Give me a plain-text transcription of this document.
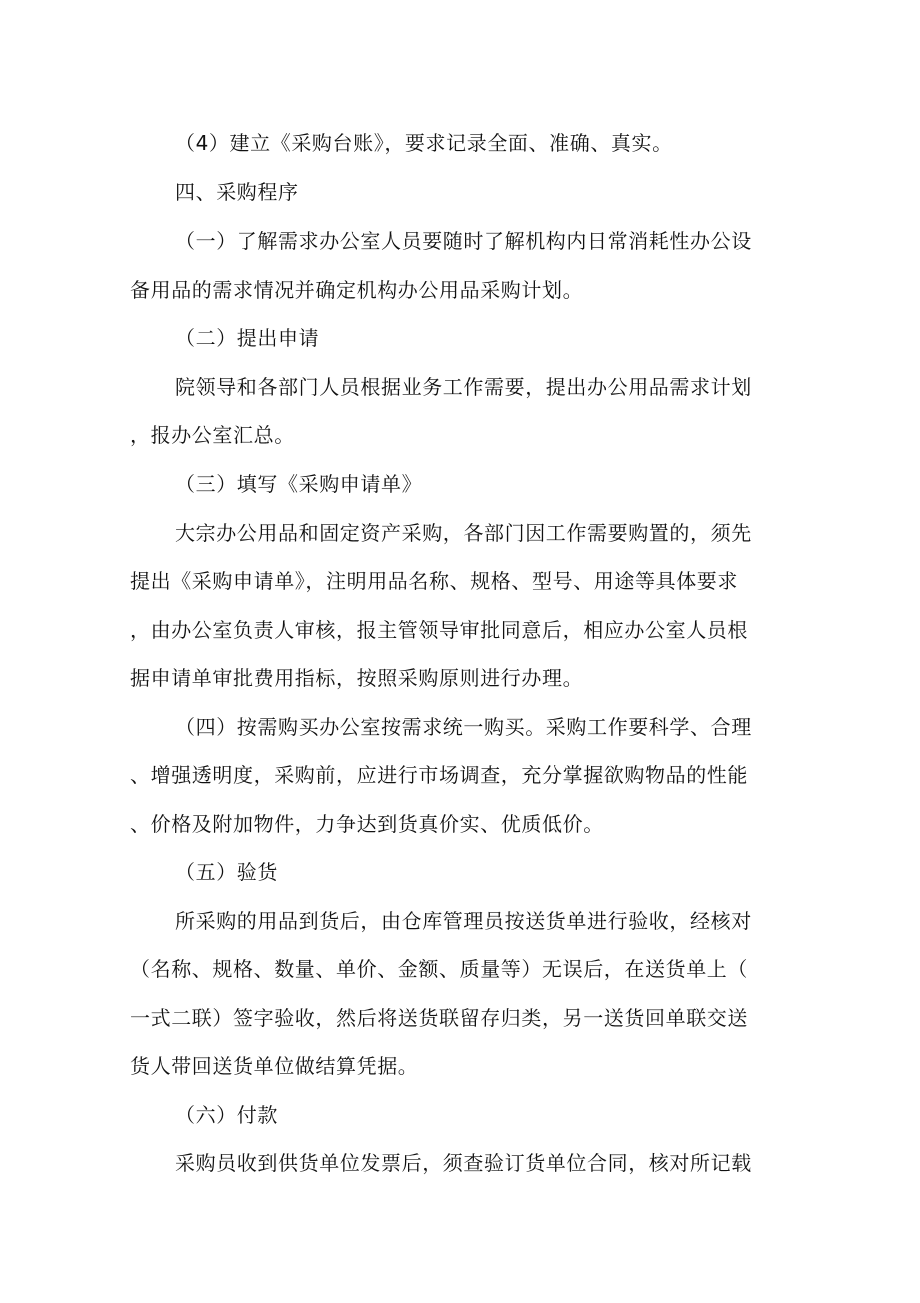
（4）建立《采购台账》，要求记录全面、准确、真实。
四、采购程序
（一）了解需求办公室人员要随时了解机构内日常消耗性办公设
备用品的需求情况并确定机构办公用品采购计划。
（二）提出申请
院领导和各部门人员根据业务工作需要，提出办公用品需求计划
，报办公室汇总。
（三）填写《采购申请单》
大宗办公用品和固定资产采购，各部门因工作需要购置的，须先
提出《采购申请单》，注明用品名称、规格、型号、用途等具体要求
，由办公室负责人审核，报主管领导审批同意后，相应办公室人员根
据申请单审批费用指标，按照采购原则进行办理。
（四）按需购买办公室按需求统一购买。采购工作要科学、合理
、增强透明度，采购前，应进行市场调查，充分掌握欲购物品的性能
、价格及附加物件，力争达到货真价实、优质低价。
（五）验货
所采购的用品到货后，由仓库管理员按送货单进行验收，经核对
（名称、规格、数量、单价、金额、质量等）无误后，在送货单上（
一式二联）签字验收，然后将送货联留存归类，另一送货回单联交送
货人带回送货单位做结算凭据。
（六）付款
采购员收到供货单位发票后，须查验订货单位合同，核对所记载
